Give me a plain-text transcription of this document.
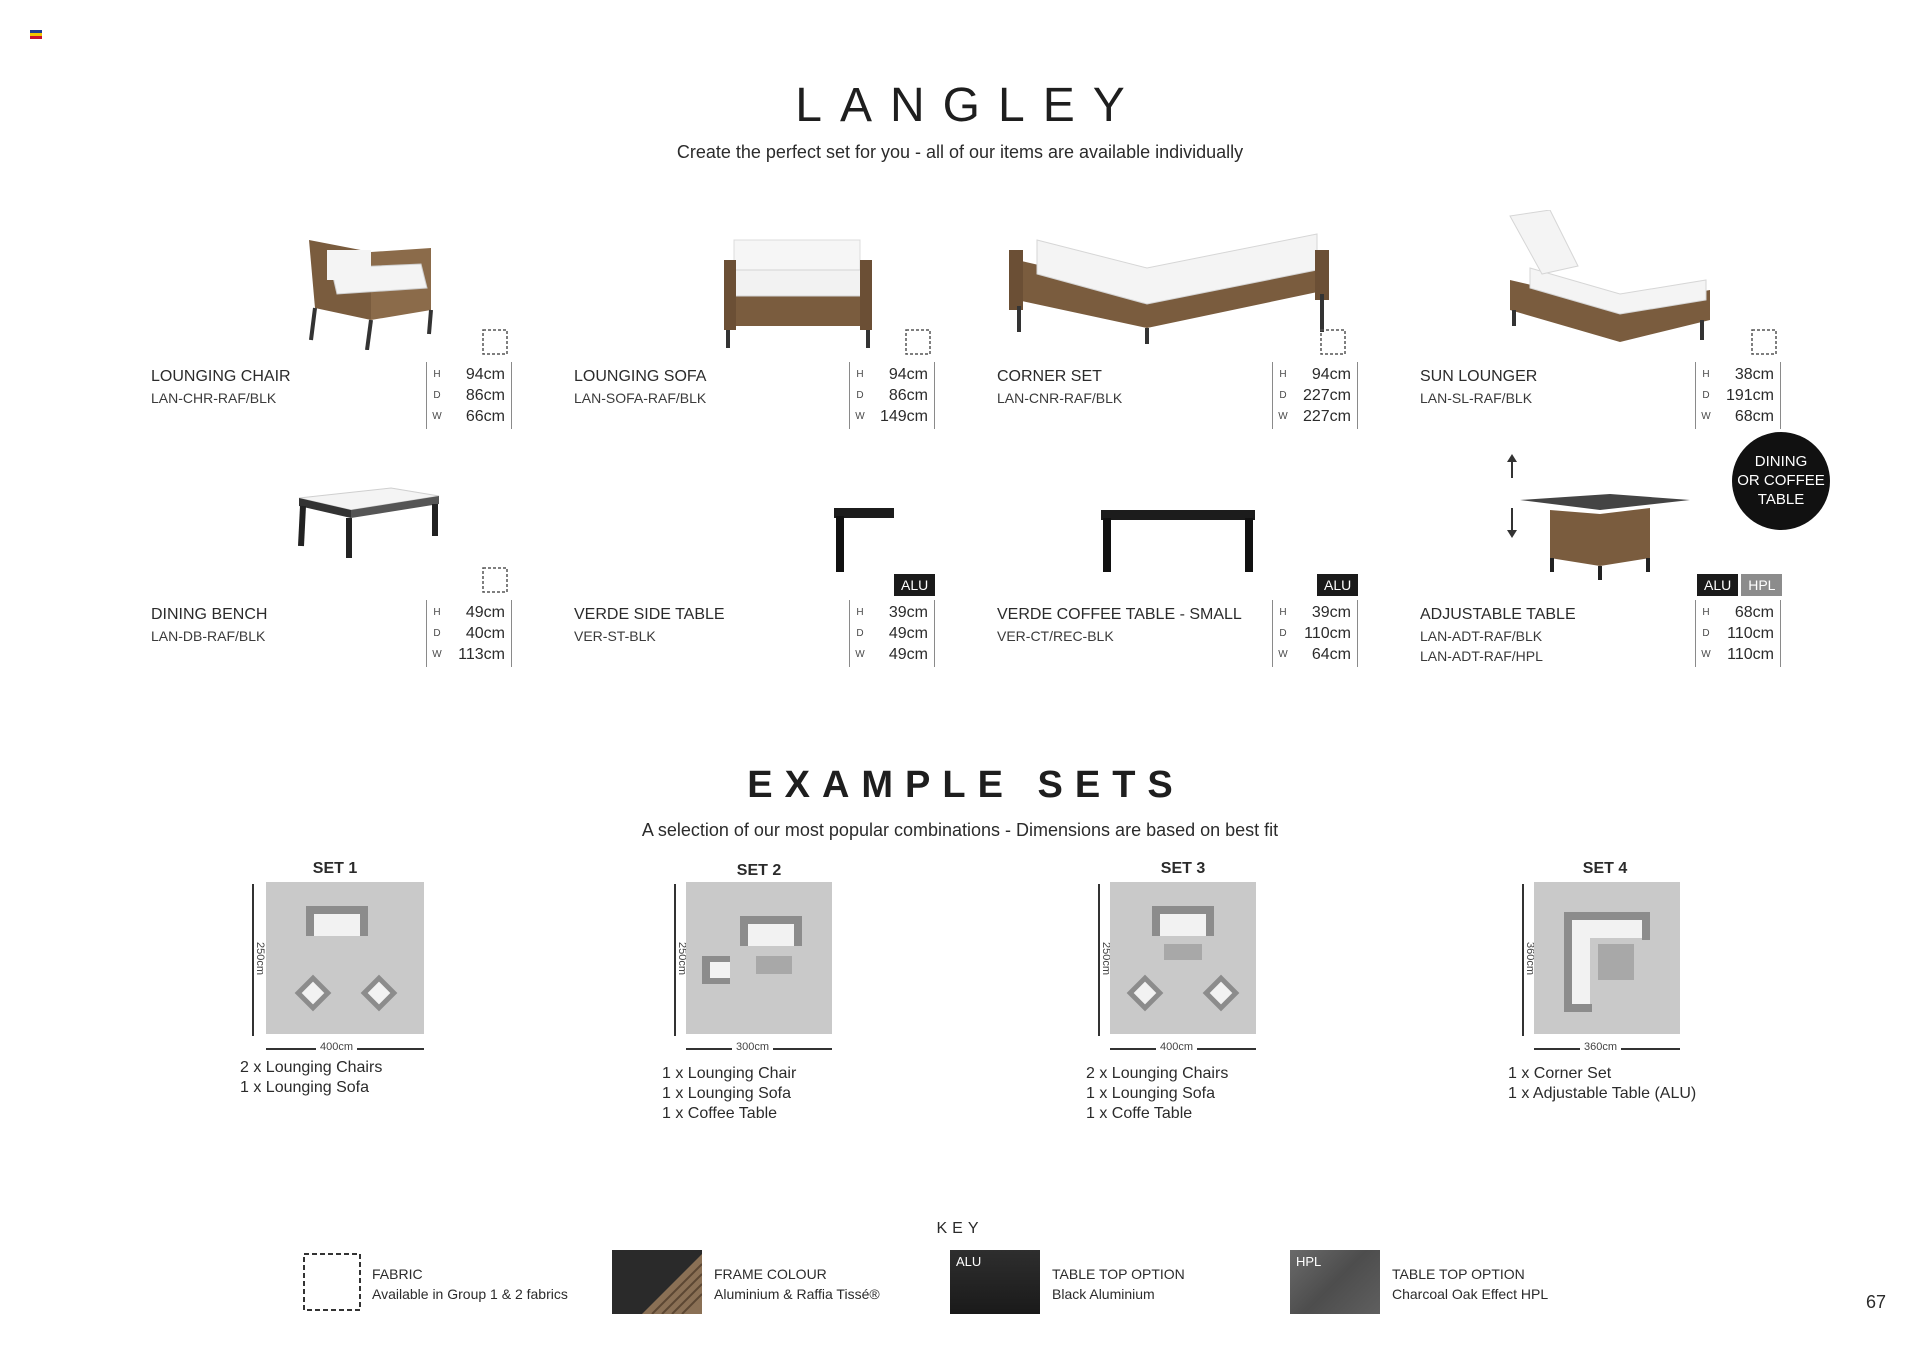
LANGLEY
Create the perfect set for you - all of our items are available individually
LOUNGING CHAIR
LAN-CHR-RAF/BLK
H	94cm
D	86cm
W	66cm
LOUNGING SOFA
LAN-SOFA-RAF/BLK
H	94cm
D	86cm
W 149cm
CORNER SET
LAN-CNR-RAF/BLK
H	94cm
D	227cm
W 227cm
SUN LOUNGER
LAN-SL-RAF/BLK
H	38cm
D	191cm
W	68cm
DINING BENCH
LAN-DB-RAF/BLK
H	49cm
D	40cm
W	113cm
ALU
VERDE SIDE TABLE
VER-ST-BLK
H	39cm
D	49cm
W	49cm
ALU
VERDE COFFEE TABLE - SMALL
VER-CT/REC-BLK
H	39cm
D	110cm
W	64cm
ALU	HPL
ADJUSTABLE TABLE
LAN-ADT-RAF/BLK
LAN-ADT-RAF/HPL
H	68cm
D	110cm
W	110cm
DINING
OR COFFEE
TABLE
EXAMPLE SETS
A selection of our most popular combinations - Dimensions are based on best fit
SET 1
250cm
400cm
2 x Lounging Chairs
1 x Lounging Sofa
SET 2
250cm
300cm
1 x Lounging Chair
1 x Lounging Sofa
1 x Coffee Table
SET 3
250cm
400cm
2 x Lounging Chairs
1 x Lounging Sofa
1 x Coffe Table
SET 4
360cm
360cm
1 x Corner Set
1 x Adjustable Table (ALU)
KEY
FABRIC
Available in Group 1 & 2 fabrics
FRAME COLOUR
Aluminium & Raffia Tissé®
ALU
TABLE TOP OPTION
Black Aluminium
HPL
TABLE TOP OPTION
Charcoal Oak Effect HPL	67
